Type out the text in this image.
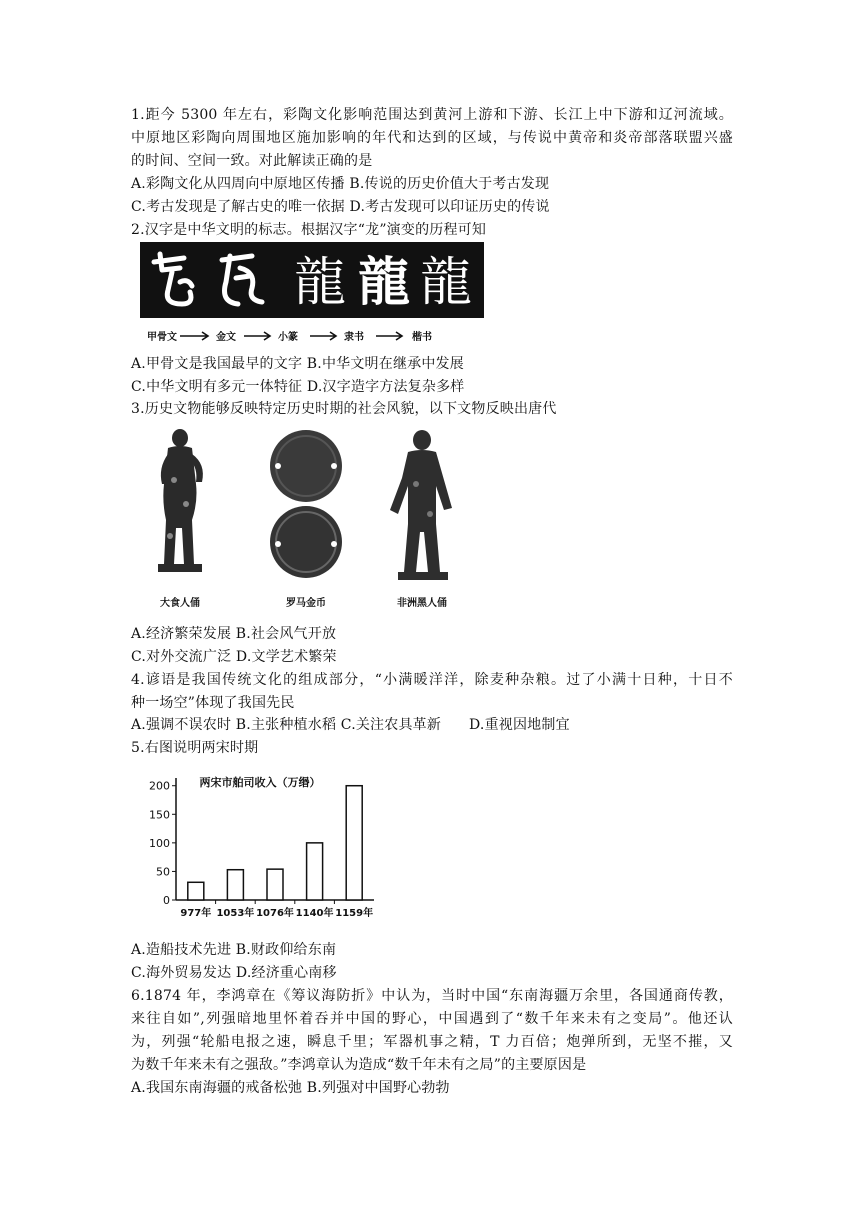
1.距今 5300 年左右，彩陶文化影响范围达到黄河上游和下游、长江上中下游和辽河流域。
中原地区彩陶向周围地区施加影响的年代和达到的区域，与传说中黄帝和炎帝部落联盟兴盛
的时间、空间一致。对此解读正确的是
A.彩陶文化从四周向中原地区传播 B.传说的历史价值大于考古发现
C.考古发现是了解古史的唯一依据 D.考古发现可以印证历史的传说
2.汉字是中华文明的标志。根据汉字“龙”演变的历程可知
龍 龍 龍
甲骨文	金文	小篆	隶书	楷书
A.甲骨文是我国最早的文字 B.中华文明在继承中发展
C.中华文明有多元一体特征 D.汉字造字方法复杂多样
3.历史文物能够反映特定历史时期的社会风貌，以下文物反映出唐代
大食人俑	罗马金币	非洲黑人俑
A.经济繁荣发展 B.社会风气开放
C.对外交流广泛 D.文学艺术繁荣
4.谚语是我国传统文化的组成部分，“小满暖洋洋，除麦种杂粮。过了小满十日种，十日不
种一场空”体现了我国先民
A.强调不误农时 B.主张种植水稻 C.关注农具革新 D.重视因地制宜
5.右图说明两宋时期
两宋市舶司收入（万缗）
0
50
100
150
200
977年 1053年 1076年 1140年 1159年
A.造船技术先进 B.财政仰给东南
C.海外贸易发达 D.经济重心南移
6.1874 年，李鸿章在《筹议海防折》中认为，当时中国“东南海疆万余里，各国通商传教，
来往自如”,列强暗地里怀着吞并中国的野心，中国遇到了“数千年来未有之变局”。他还认
为，列强“轮船电报之速，瞬息千里；军器机事之精，T 力百倍；炮弹所到，无坚不摧，又
为数千年来未有之强敌。”李鸿章认为造成“数千年未有之局”的主要原因是
A.我国东南海疆的戒备松弛 B.列强对中国野心勃勃
